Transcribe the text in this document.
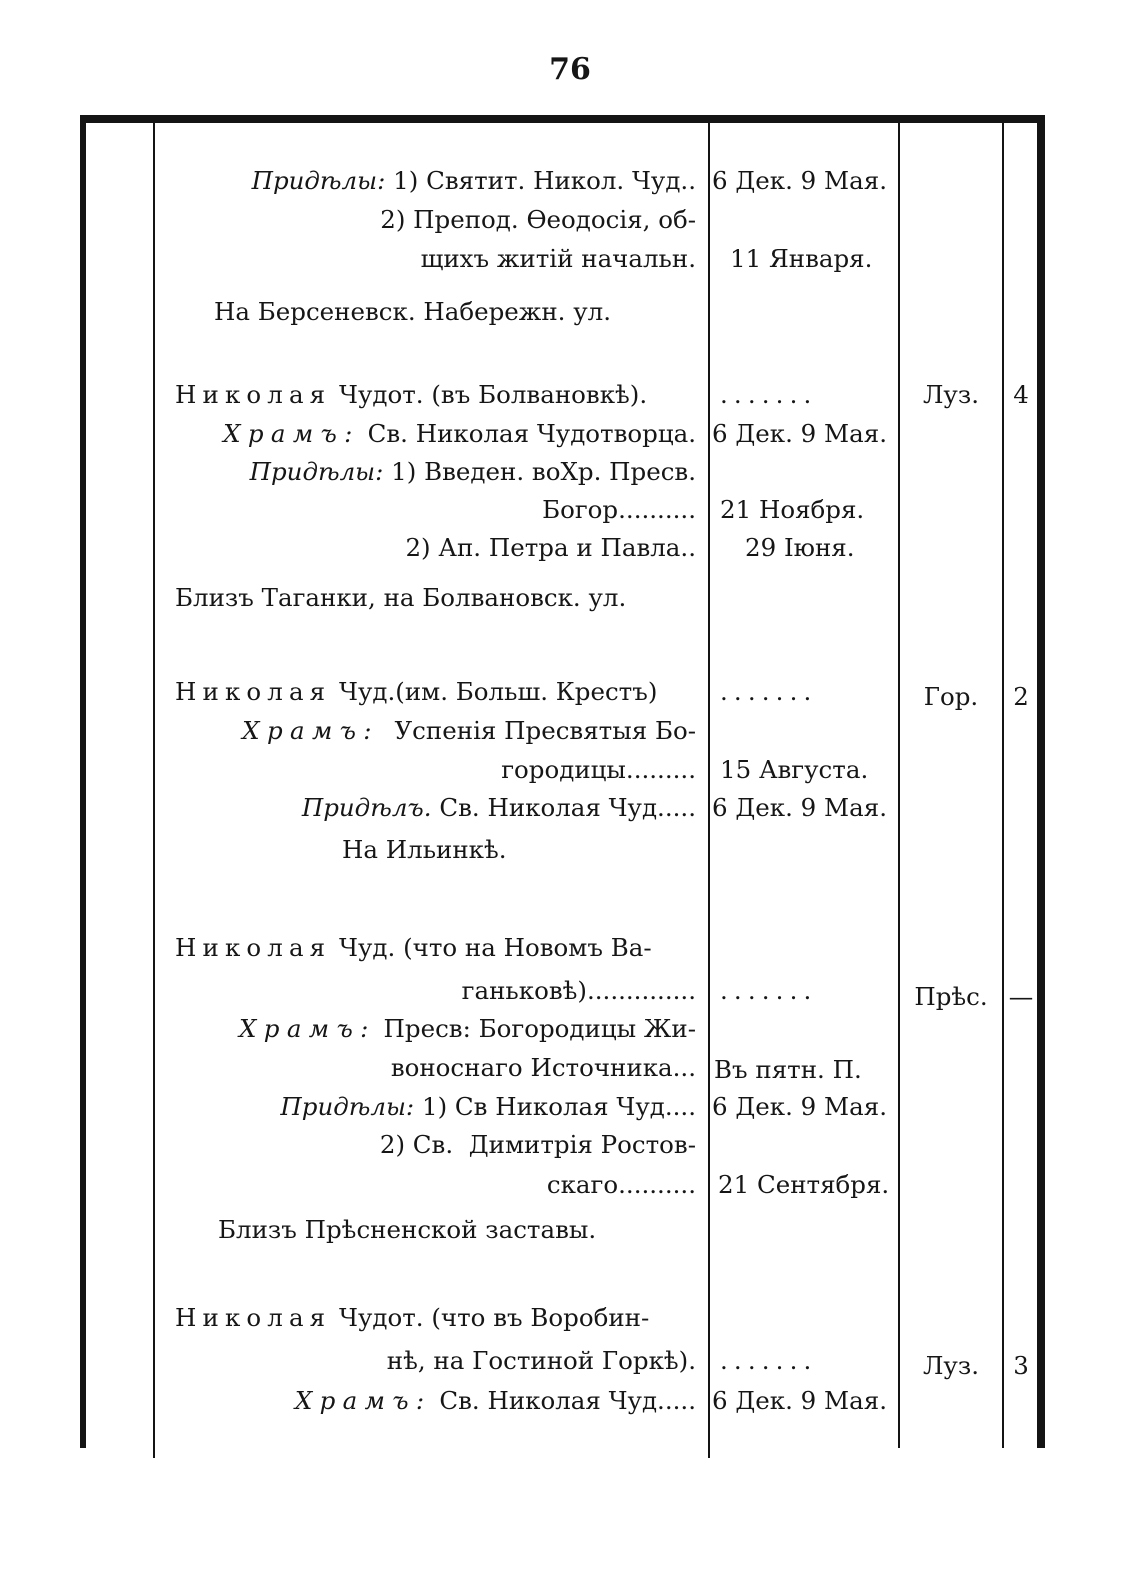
76
Придѣлы: 1) Святит. Никол. Чуд.. 6 Дек. 9 Мая.
2) Препод. Өеодосія, об-
щихъ житій начальн. 11 Января.
На Берсеневск. Набережн. ул.
Николая Чудот. (въ Болвановкѣ).	.......	Луз.	4
Храмъ: Св. Николая Чудотворца. 6 Дек. 9 Мая.
Придѣлы: 1) Введен. воХр. Пресв.
Богор.......... 21 Ноября.
2) Ап. Петра и Павла.. 29 Іюня.
Близъ Таганки, на Болвановск. ул.
Николая Чуд.(им. Больш. Крестъ)	.......	Гор.	2
Храмъ:  Успенія Пресвятыя Бо-
городицы......... 15 Августа.
Придѣлъ. Св. Николая Чуд..... 6 Дек. 9 Мая.
На Ильинкѣ.
Николая Чуд. (что на Новомъ Ва-
ганьковѣ).............. .......	Прѣс. —
Храмъ: Пресв: Богородицы Жи-
воноснаго Источника... Въ пятн. П.
Придѣлы: 1) Св Николая Чуд.... 6 Дек. 9 Мая.
2) Св.  Димитрія Ростов-
скаго.......... 21 Сентября.
Близъ Прѣсненской заставы.
Николая Чудот. (что въ Воробин-
нѣ, на Гостиной Горкѣ). .......	Луз.	3
Храмъ: Св. Николая Чуд..... 6 Дек. 9 Мая.
